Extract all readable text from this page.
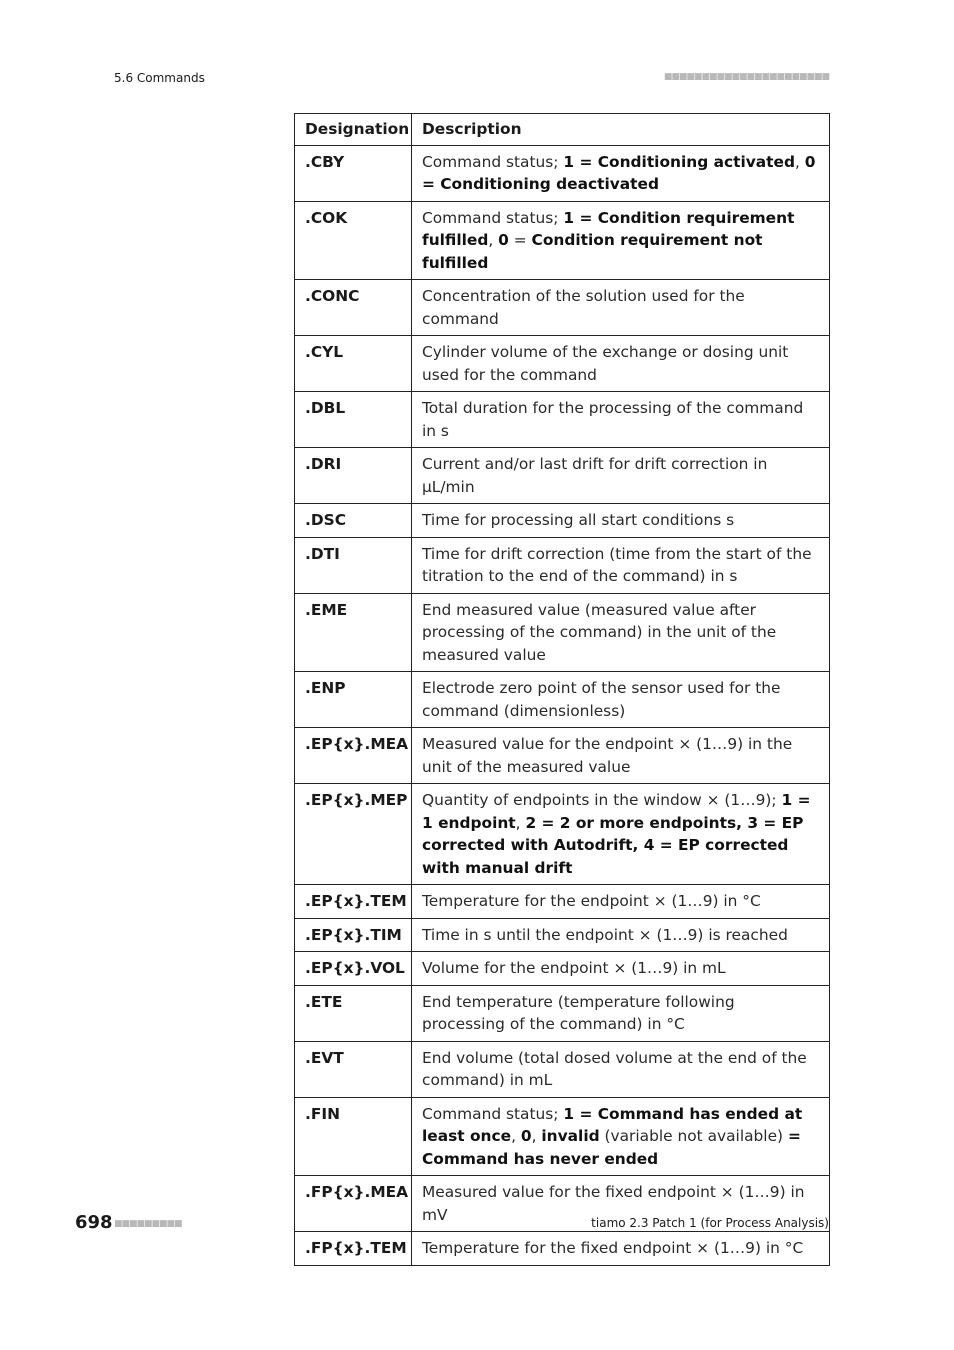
5.6 Commands	■■■■■■■■■■■■■■■■■■■■■■
Designation	Description
.CBY	Command status; 1 = Conditioning activated, 0 = Conditioning deactivated
.COK	Command status; 1 = Condition requirement fulfilled, 0 = Condition requirement not fulfilled
.CONC	Concentration of the solution used for the command
.CYL	Cylinder volume of the exchange or dosing unit used for the command
.DBL	Total duration for the processing of the command in s
.DRI	Current and/or last drift for drift correction in µL/min
.DSC	Time for processing all start conditions s
.DTI	Time for drift correction (time from the start of the titration to the end of the command) in s
.EME	End measured value (measured value after processing of the command) in the unit of the measured value
.ENP	Electrode zero point of the sensor used for the command (dimensionless)
.EP{x}.MEA	Measured value for the endpoint × (1…9) in the unit of the measured value
.EP{x}.MEP	Quantity of endpoints in the window × (1…9); 1 = 1 endpoint, 2 = 2 or more endpoints, 3 = EP corrected with Autodrift, 4 = EP corrected with manual drift
.EP{x}.TEM	Temperature for the endpoint × (1…9) in °C
.EP{x}.TIM	Time in s until the endpoint × (1…9) is reached
.EP{x}.VOL	Volume for the endpoint × (1…9) in mL
.ETE	End temperature (temperature following processing of the command) in °C
.EVT	End volume (total dosed volume at the end of the command) in mL
.FIN	Command status; 1 = Command has ended at least once, 0, invalid (variable not available) = Command has never ended
.FP{x}.MEA	Measured value for the fixed endpoint × (1…9) in mV
.FP{x}.TEM	Temperature for the fixed endpoint × (1…9) in °C
698 ■■■■■■■■■	tiamo 2.3 Patch 1 (for Process Analysis)
